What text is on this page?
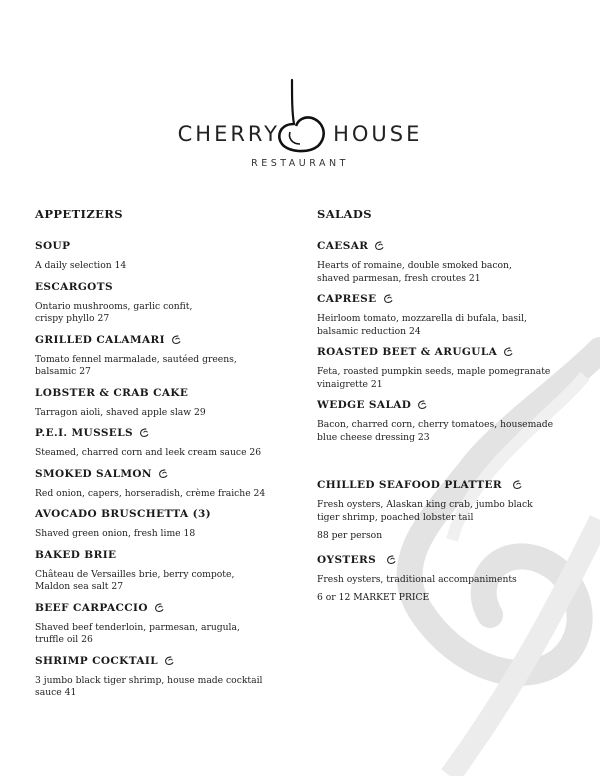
CHERRY	HOUSE
RESTAURANT
APPETIZERS
SOUP
A daily selection 14
ESCARGOTS
Ontario mushrooms, garlic confit,
crispy phyllo 27
GRILLED CALAMARI
Tomato fennel marmalade, sautéed greens,
balsamic 27
LOBSTER & CRAB CAKE
Tarragon aioli, shaved apple slaw 29
P.E.I. MUSSELS
Steamed, charred corn and leek cream sauce 26
SMOKED SALMON
Red onion, capers, horseradish, crème fraiche 24
AVOCADO BRUSCHETTA (3)
Shaved green onion, fresh lime 18
BAKED BRIE
Château de Versailles brie, berry compote,
Maldon sea salt 27
BEEF CARPACCIO
Shaved beef tenderloin, parmesan, arugula,
truffle oil 26
SHRIMP COCKTAIL
3 jumbo black tiger shrimp, house made cocktail
sauce 41
SALADS
CAESAR
Hearts of romaine, double smoked bacon,
shaved parmesan, fresh croutes 21
CAPRESE
Heirloom tomato, mozzarella di bufala, basil,
balsamic reduction 24
ROASTED BEET & ARUGULA
Feta, roasted pumpkin seeds, maple pomegranate
vinaigrette 21
WEDGE SALAD
Bacon, charred corn, cherry tomatoes, housemade
blue cheese dressing 23
CHILLED SEAFOOD PLATTER
Fresh oysters, Alaskan king crab, jumbo black
tiger shrimp, poached lobster tail
88 per person
OYSTERS
Fresh oysters, traditional accompaniments
6 or 12 MARKET PRICE
